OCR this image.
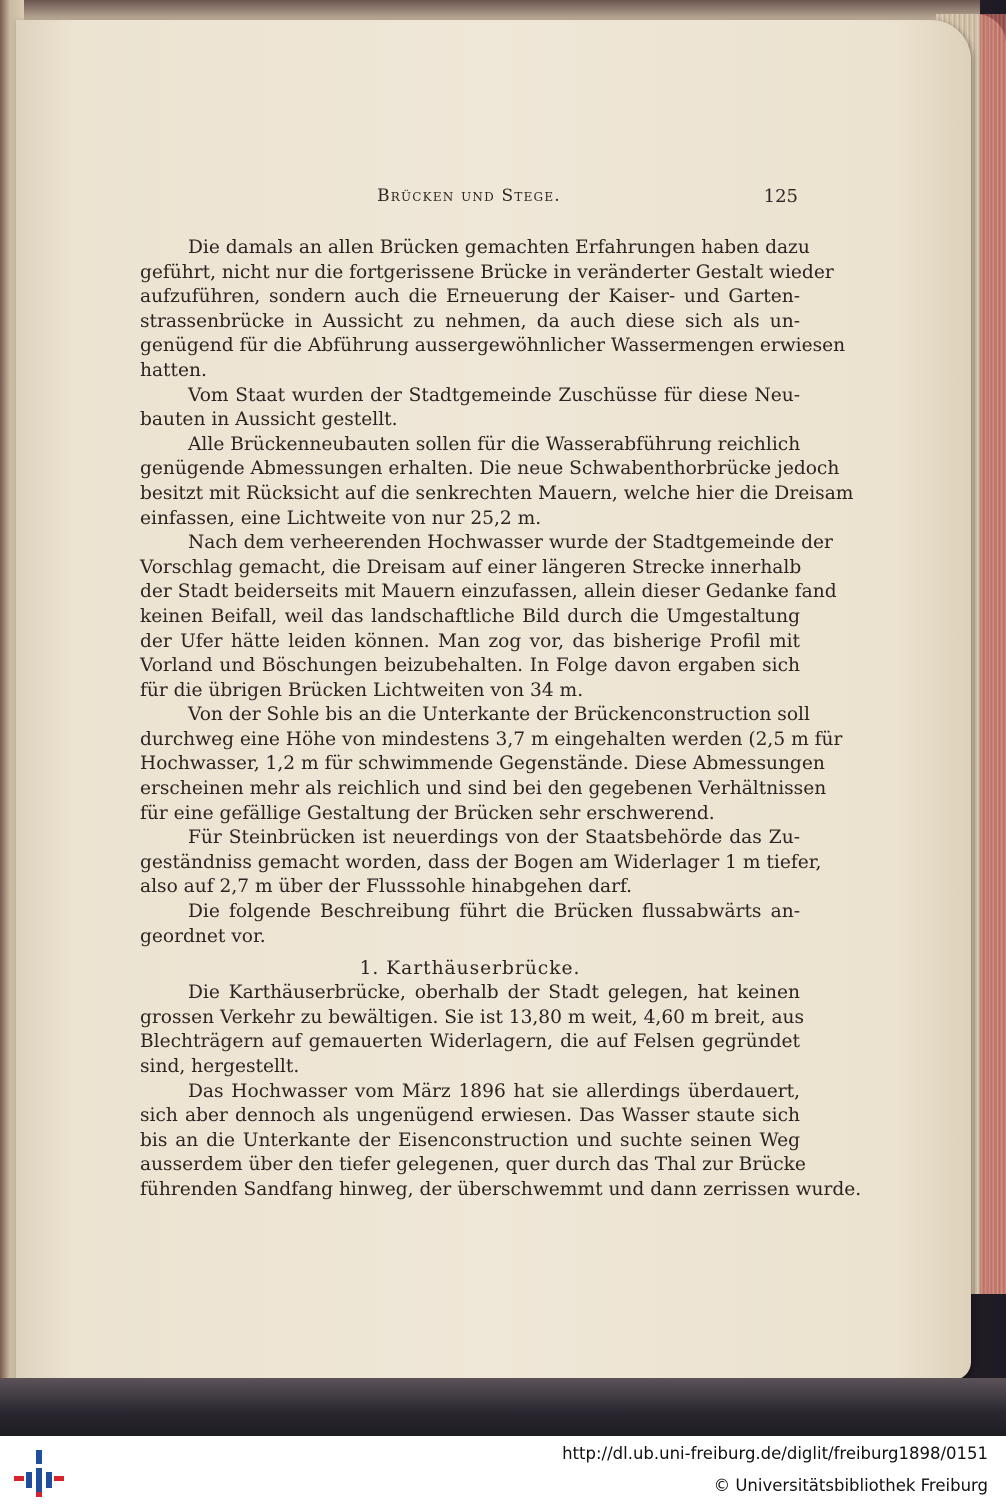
Brücken und Stege.	125
Die damals an allen Brücken gemachten Erfahrungen haben dazu
geführt, nicht nur die fortgerissene Brücke in veränderter Gestalt wieder
aufzuführen, sondern auch die Erneuerung der Kaiser- und Garten-
strassenbrücke in Aussicht zu nehmen, da auch diese sich als un-
genügend für die Abführung aussergewöhnlicher Wassermengen erwiesen
hatten.
Vom Staat wurden der Stadtgemeinde Zuschüsse für diese Neu-
bauten in Aussicht gestellt.
Alle Brückenneubauten sollen für die Wasserabführung reichlich
genügende Abmessungen erhalten. Die neue Schwabenthorbrücke jedoch
besitzt mit Rücksicht auf die senkrechten Mauern, welche hier die Dreisam
einfassen, eine Lichtweite von nur 25,2 m.
Nach dem verheerenden Hochwasser wurde der Stadtgemeinde der
Vorschlag gemacht, die Dreisam auf einer längeren Strecke innerhalb
der Stadt beiderseits mit Mauern einzufassen, allein dieser Gedanke fand
keinen Beifall, weil das landschaftliche Bild durch die Umgestaltung
der Ufer hätte leiden können. Man zog vor, das bisherige Profil mit
Vorland und Böschungen beizubehalten. In Folge davon ergaben sich
für die übrigen Brücken Lichtweiten von 34 m.
Von der Sohle bis an die Unterkante der Brückenconstruction soll
durchweg eine Höhe von mindestens 3,7 m eingehalten werden (2,5 m für
Hochwasser, 1,2 m für schwimmende Gegenstände. Diese Abmessungen
erscheinen mehr als reichlich und sind bei den gegebenen Verhältnissen
für eine gefällige Gestaltung der Brücken sehr erschwerend.
Für Steinbrücken ist neuerdings von der Staatsbehörde das Zu-
geständniss gemacht worden, dass der Bogen am Widerlager 1 m tiefer,
also auf 2,7 m über der Flusssohle hinabgehen darf.
Die folgende Beschreibung führt die Brücken flussabwärts an-
geordnet vor.
1. Karthäuserbrücke.
Die Karthäuserbrücke, oberhalb der Stadt gelegen, hat keinen
grossen Verkehr zu bewältigen. Sie ist 13,80 m weit, 4,60 m breit, aus
Blechträgern auf gemauerten Widerlagern, die auf Felsen gegründet
sind, hergestellt.
Das Hochwasser vom März 1896 hat sie allerdings überdauert,
sich aber dennoch als ungenügend erwiesen. Das Wasser staute sich
bis an die Unterkante der Eisenconstruction und suchte seinen Weg
ausserdem über den tiefer gelegenen, quer durch das Thal zur Brücke
führenden Sandfang hinweg, der überschwemmt und dann zerrissen wurde.
http://dl.ub.uni-freiburg.de/diglit/freiburg1898/0151
© Universitätsbibliothek Freiburg
